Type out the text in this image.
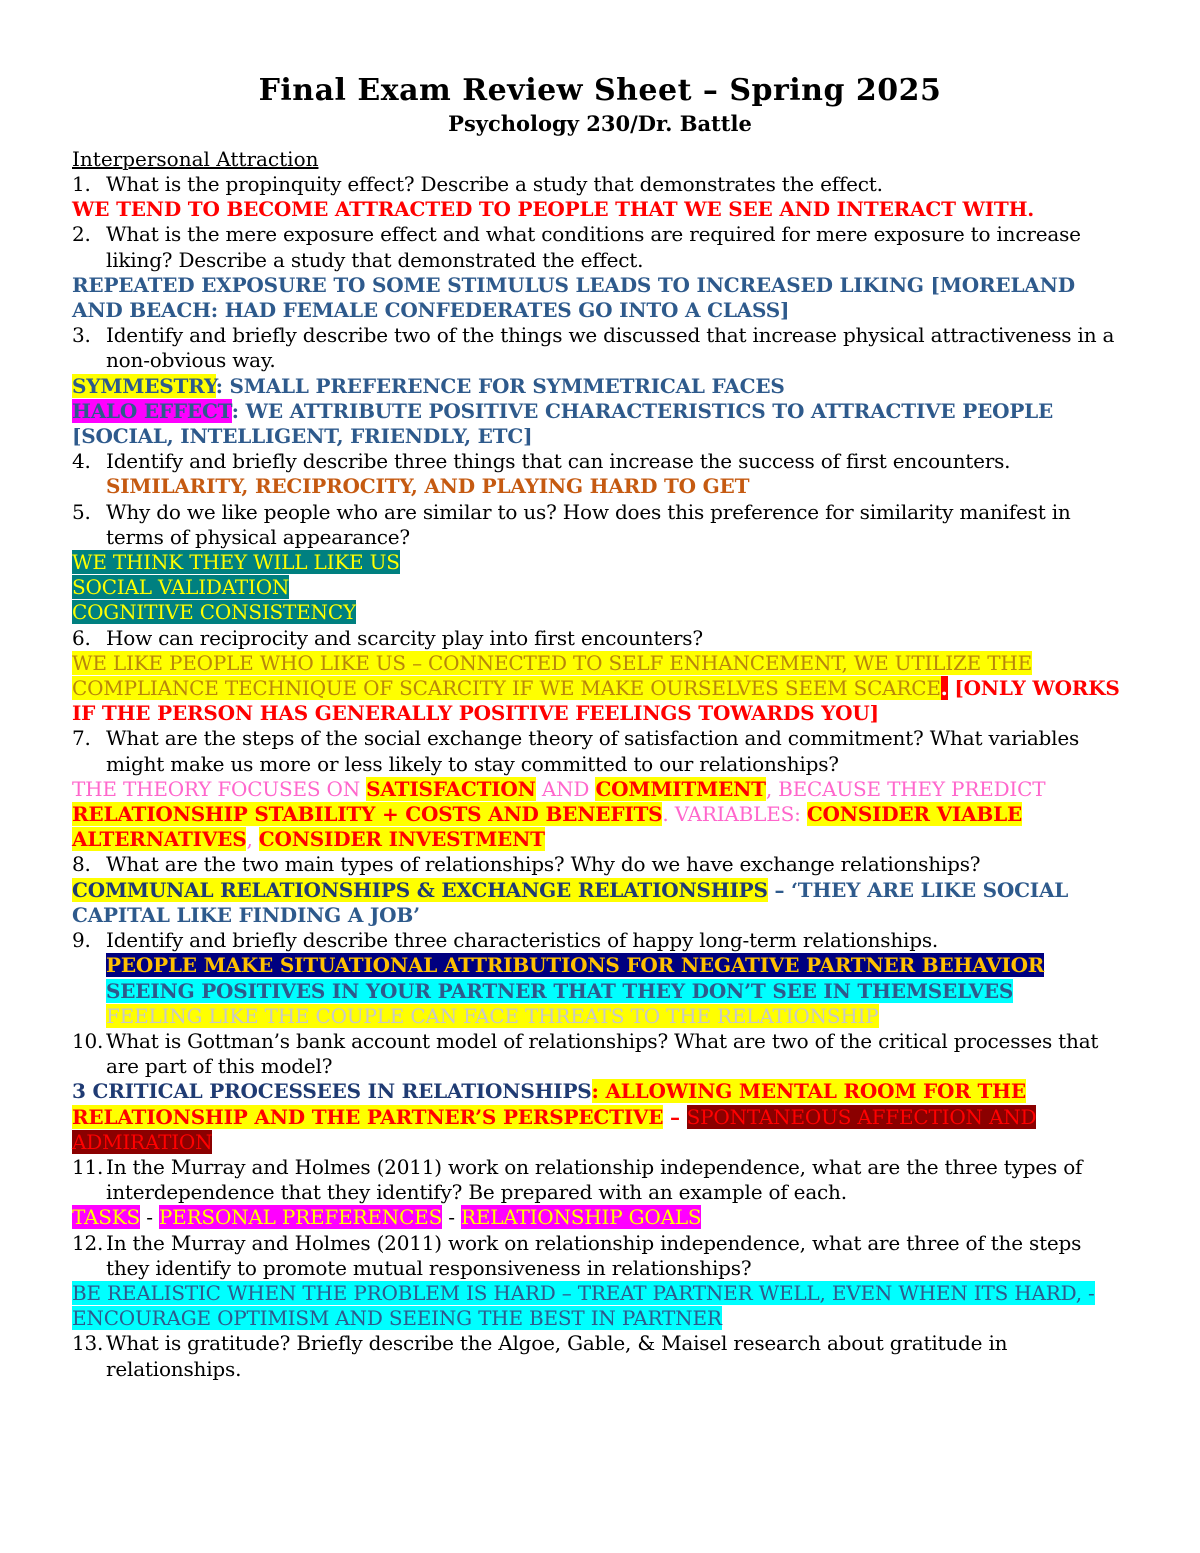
Final Exam Review Sheet – Spring 2025
Psychology 230/Dr. Battle
Interpersonal Attraction
1. What is the propinquity effect? Describe a study that demonstrates the effect.
WE TEND TO BECOME ATTRACTED TO PEOPLE THAT WE SEE AND INTERACT WITH.
2. What is the mere exposure effect and what conditions are required for mere exposure to increase liking? Describe a study that demonstrated the effect.
REPEATED EXPOSURE TO SOME STIMULUS LEADS TO INCREASED LIKING [MORELAND AND BEACH: HAD FEMALE CONFEDERATES GO INTO A CLASS]
3. Identify and briefly describe two of the things we discussed that increase physical attractiveness in a non-obvious way.
SYMMESTRY: SMALL PREFERENCE FOR SYMMETRICAL FACES
HALO EFFECT: WE ATTRIBUTE POSITIVE CHARACTERISTICS TO ATTRACTIVE PEOPLE [SOCIAL, INTELLIGENT, FRIENDLY, ETC]
4. Identify and briefly describe three things that can increase the success of first encounters.
SIMILARITY, RECIPROCITY, AND PLAYING HARD TO GET
5. Why do we like people who are similar to us? How does this preference for similarity manifest in terms of physical appearance?
WE THINK THEY WILL LIKE US
SOCIAL VALIDATION
COGNITIVE CONSISTENCY
6. How can reciprocity and scarcity play into first encounters?
WE LIKE PEOPLE WHO LIKE US – CONNECTED TO SELF ENHANCEMENT, WE UTILIZE THE COMPLIANCE TECHNIQUE OF SCARCITY IF WE MAKE OURSELVES SEEM SCARCE. [ONLY WORKS IF THE PERSON HAS GENERALLY POSITIVE FEELINGS TOWARDS YOU]
7. What are the steps of the social exchange theory of satisfaction and commitment? What variables might make us more or less likely to stay committed to our relationships?
THE THEORY FOCUSES ON SATISFACTION AND COMMITMENT, BECAUSE THEY PREDICT RELATIONSHIP STABILITY + COSTS AND BENEFITS. VARIABLES: CONSIDER VIABLE ALTERNATIVES, CONSIDER INVESTMENT
8. What are the two main types of relationships? Why do we have exchange relationships?
COMMUNAL RELATIONSHIPS & EXCHANGE RELATIONSHIPS – ‘THEY ARE LIKE SOCIAL CAPITAL LIKE FINDING A JOB’
9. Identify and briefly describe three characteristics of happy long-term relationships.
PEOPLE MAKE SITUATIONAL ATTRIBUTIONS FOR NEGATIVE PARTNER BEHAVIOR
SEEING POSITIVES IN YOUR PARTNER THAT THEY DON’T SEE IN THEMSELVES
FEELING LIKE THE COUPLE CAN FACE THREATS TO THE RELATIONSHIP
10. What is Gottman’s bank account model of relationships? What are two of the critical processes that are part of this model?
3 CRITICAL PROCESSEES IN RELATIONSHIPS: ALLOWING MENTAL ROOM FOR THE RELATIONSHIP AND THE PARTNER’S PERSPECTIVE – SPONTANEOUS AFFECTION AND ADMIRATION
11. In the Murray and Holmes (2011) work on relationship independence, what are the three types of interdependence that they identify? Be prepared with an example of each.
TASKS - PERSONAL PREFERENCES - RELATIONSHIP GOALS
12. In the Murray and Holmes (2011) work on relationship independence, what are three of the steps they identify to promote mutual responsiveness in relationships?
BE REALISTIC WHEN THE PROBLEM IS HARD – TREAT PARTNER WELL, EVEN WHEN ITS HARD, - ENCOURAGE OPTIMISM AND SEEING THE BEST IN PARTNER
13. What is gratitude? Briefly describe the Algoe, Gable, & Maisel research about gratitude in relationships.
